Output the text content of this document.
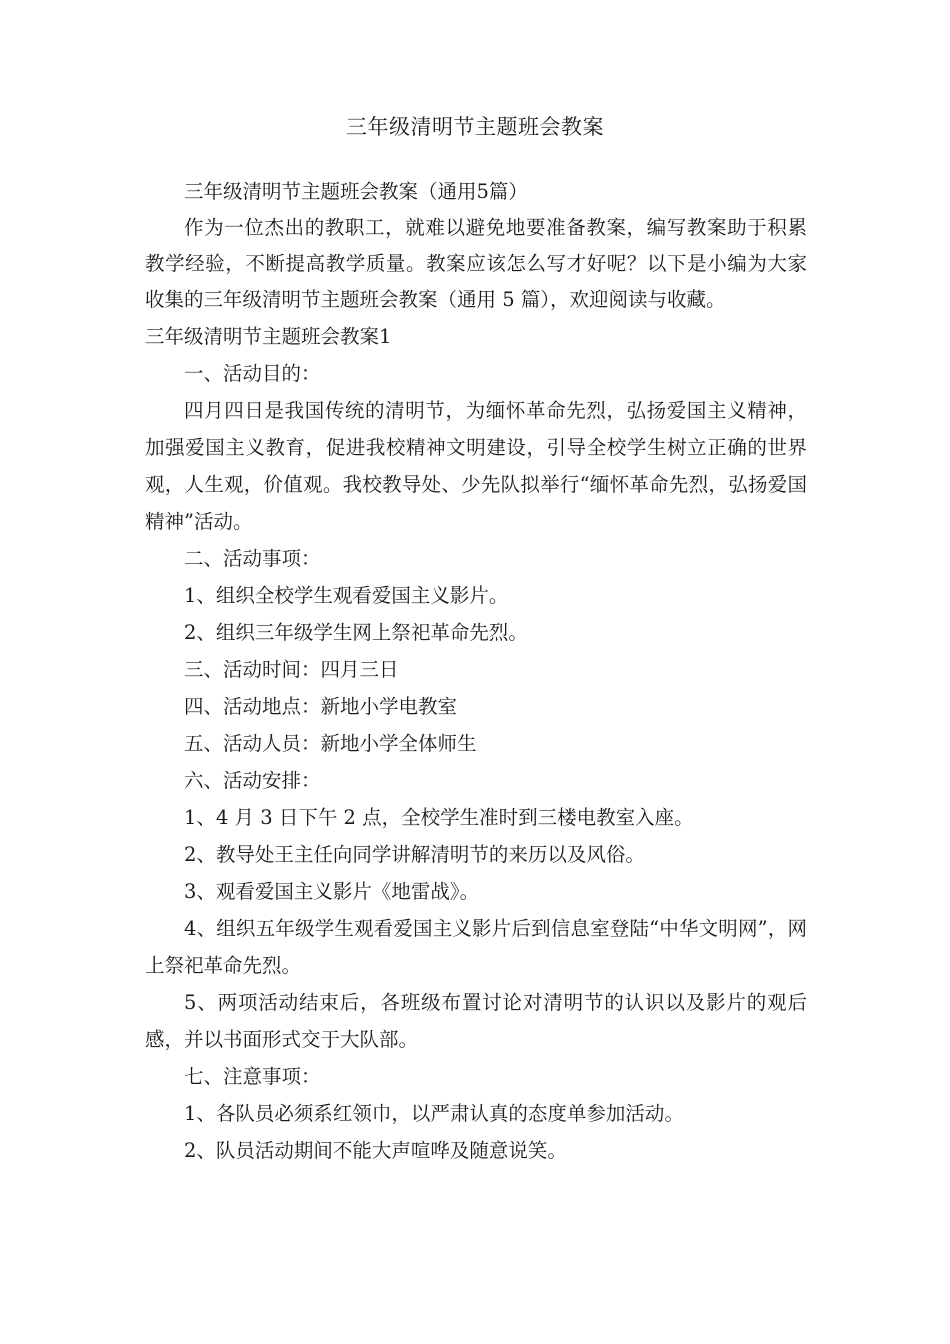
三年级清明节主题班会教案

三年级清明节主题班会教案（通用5篇）

作为一位杰出的教职工，就难以避免地要准备教案，编写教案助于积累教学经验，不断提高教学质量。教案应该怎么写才好呢？以下是小编为大家收集的三年级清明节主题班会教案（通用 5 篇），欢迎阅读与收藏。

三年级清明节主题班会教案1

一、活动目的：

四月四日是我国传统的清明节，为缅怀革命先烈，弘扬爱国主义精神，加强爱国主义教育，促进我校精神文明建设，引导全校学生树立正确的世界观，人生观，价值观。我校教导处、少先队拟举行“缅怀革命先烈，弘扬爱国精神”活动。

二、活动事项：

1、组织全校学生观看爱国主义影片。

2、组织三年级学生网上祭祀革命先烈。

三、活动时间：四月三日

四、活动地点：新地小学电教室

五、活动人员：新地小学全体师生

六、活动安排：

1、4 月 3 日下午 2 点，全校学生准时到三楼电教室入座。

2、教导处王主任向同学讲解清明节的来历以及风俗。

3、观看爱国主义影片《地雷战》。

4、组织五年级学生观看爱国主义影片后到信息室登陆“中华文明网”，网上祭祀革命先烈。

5、两项活动结束后，各班级布置讨论对清明节的认识以及影片的观后感，并以书面形式交于大队部。

七、注意事项：

1、各队员必须系红领巾，以严肃认真的态度单参加活动。

2、队员活动期间不能大声喧哗及随意说笑。
